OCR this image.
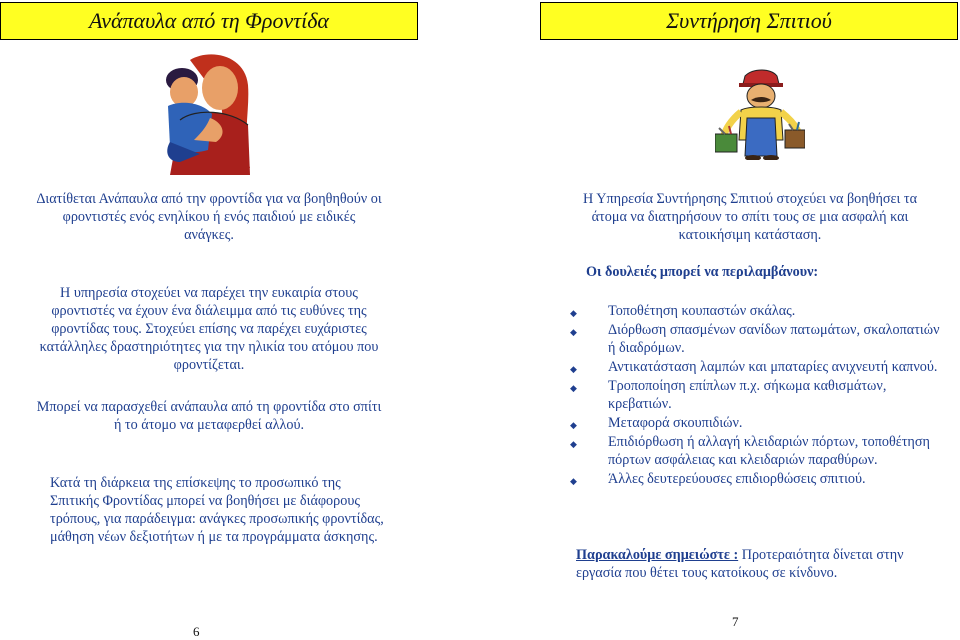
Ανάπαυλα από τη Φροντίδα

Διατίθεται Ανάπαυλα από την φροντίδα για να βοηθηθούν οι φροντιστές ενός ενηλίκου ή ενός παιδιού με ειδικές ανάγκες.

Η υπηρεσία στοχεύει να παρέχει την ευκαιρία στους φροντιστές να έχουν ένα διάλειμμα από τις ευθύνες της φροντίδας τους. Στοχεύει επίσης να παρέχει ευχάριστες κατάλληλες δραστηριότητες για την ηλικία του ατόμου που φροντίζεται.

Μπορεί να παρασχεθεί ανάπαυλα από τη φροντίδα στο σπίτι ή το άτομο να μεταφερθεί αλλού.

Κατά τη διάρκεια της επίσκεψης το προσωπικό της Σπιτικής Φροντίδας μπορεί να βοηθήσει με διάφορους τρόπους, για παράδειγμα: ανάγκες προσωπικής φροντίδας, μάθηση νέων δεξιοτήτων ή με τα προγράμματα άσκησης.

6
Συντήρηση Σπιτιού

Η Υπηρεσία Συντήρησης Σπιτιού στοχεύει να βοηθήσει τα άτομα να διατηρήσουν το σπίτι τους σε μια ασφαλή και κατοικήσιμη κατάσταση.

Οι δουλειές μπορεί να περιλαμβάνουν:
◆ Τοποθέτηση κουπαστών σκάλας.
◆ Διόρθωση σπασμένων σανίδων πατωμάτων, σκαλοπατιών ή διαδρόμων.
◆ Αντικατάσταση λαμπών και μπαταρίες ανιχνευτή καπνού.
◆ Τροποποίηση επίπλων π.χ. σήκωμα καθισμάτων, κρεβατιών.
◆ Μεταφορά σκουπιδιών.
◆ Επιδιόρθωση ή αλλαγή κλειδαριών πόρτων, τοποθέτηση πόρτων ασφάλειας και κλειδαριών παραθύρων.
◆ Άλλες δευτερεύουσες επιδιορθώσεις σπιτιού.
Παρακαλούμε σημειώστε : Προτεραιότητα δίνεται στην εργασία που θέτει τους κατοίκους σε κίνδυνο.
7
